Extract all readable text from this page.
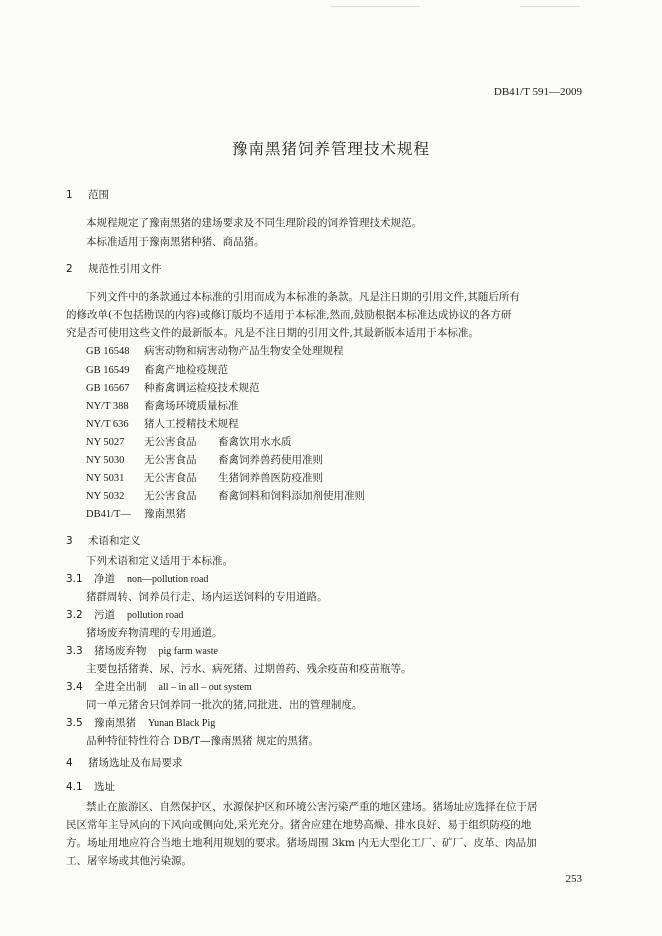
DB41/T 591—2009
豫南黑猪饲养管理技术规程
1 范围
本规程规定了豫南黑猪的建场要求及不同生理阶段的饲养管理技术规范。
本标准适用于豫南黑猪种猪、商品猪。
2 规范性引用文件
下列文件中的条款通过本标准的引用而成为本标准的条款。凡是注日期的引用文件,其随后所有
的修改单(不包括勘误的内容)或修订版均不适用于本标准,然而,鼓励根据本标准达成协议的各方研
究是否可使用这些文件的最新版本。凡是不注日期的引用文件,其最新版本适用于本标准。
GB 16548 病害动物和病害动物产品生物安全处理规程
GB 16549 畜禽产地检疫规范
GB 16567 种畜禽调运检疫技术规范
NY/T 388 畜禽场环境质量标准
NY/T 636 猪人工授精技术规程
NY 5027 无公害食品 畜禽饮用水水质
NY 5030 无公害食品 畜禽饲养兽药使用准则
NY 5031 无公害食品 生猪饲养兽医防疫准则
NY 5032 无公害食品 畜禽饲料和饲料添加剂使用准则
DB41/T— 豫南黑猪
3 术语和定义
下列术语和定义适用于本标准。
3.1 净道 non—pollution road
猪群周转、饲养员行走、场内运送饲料的专用道路。
3.2 污道 pollution road
猪场废弃物清理的专用通道。
3.3 猪场废弃物 pig farm waste
主要包括猪粪、尿、污水、病死猪、过期兽药、残余疫苗和疫苗瓶等。
3.4 全进全出制 all – in all – out system
同一单元猪舍只饲养同一批次的猪,同批进、出的管理制度。
3.5 豫南黑猪 Yunan Black Pig
品种特征特性符合 DB/T—豫南黑猪 规定的黑猪。
4 猪场选址及布局要求
4.1 选址
禁止在旅游区、自然保护区、水源保护区和环境公害污染严重的地区建场。猪场址应选择在位于居
民区常年主导风向的下风向或侧向处,采光充分。猪舍应建在地势高燥、排水良好、易于组织防疫的地
方。场址用地应符合当地土地利用规划的要求。猪场周围 3km 内无大型化工厂、矿厂、皮革、肉品加
工、屠宰场或其他污染源。
253
